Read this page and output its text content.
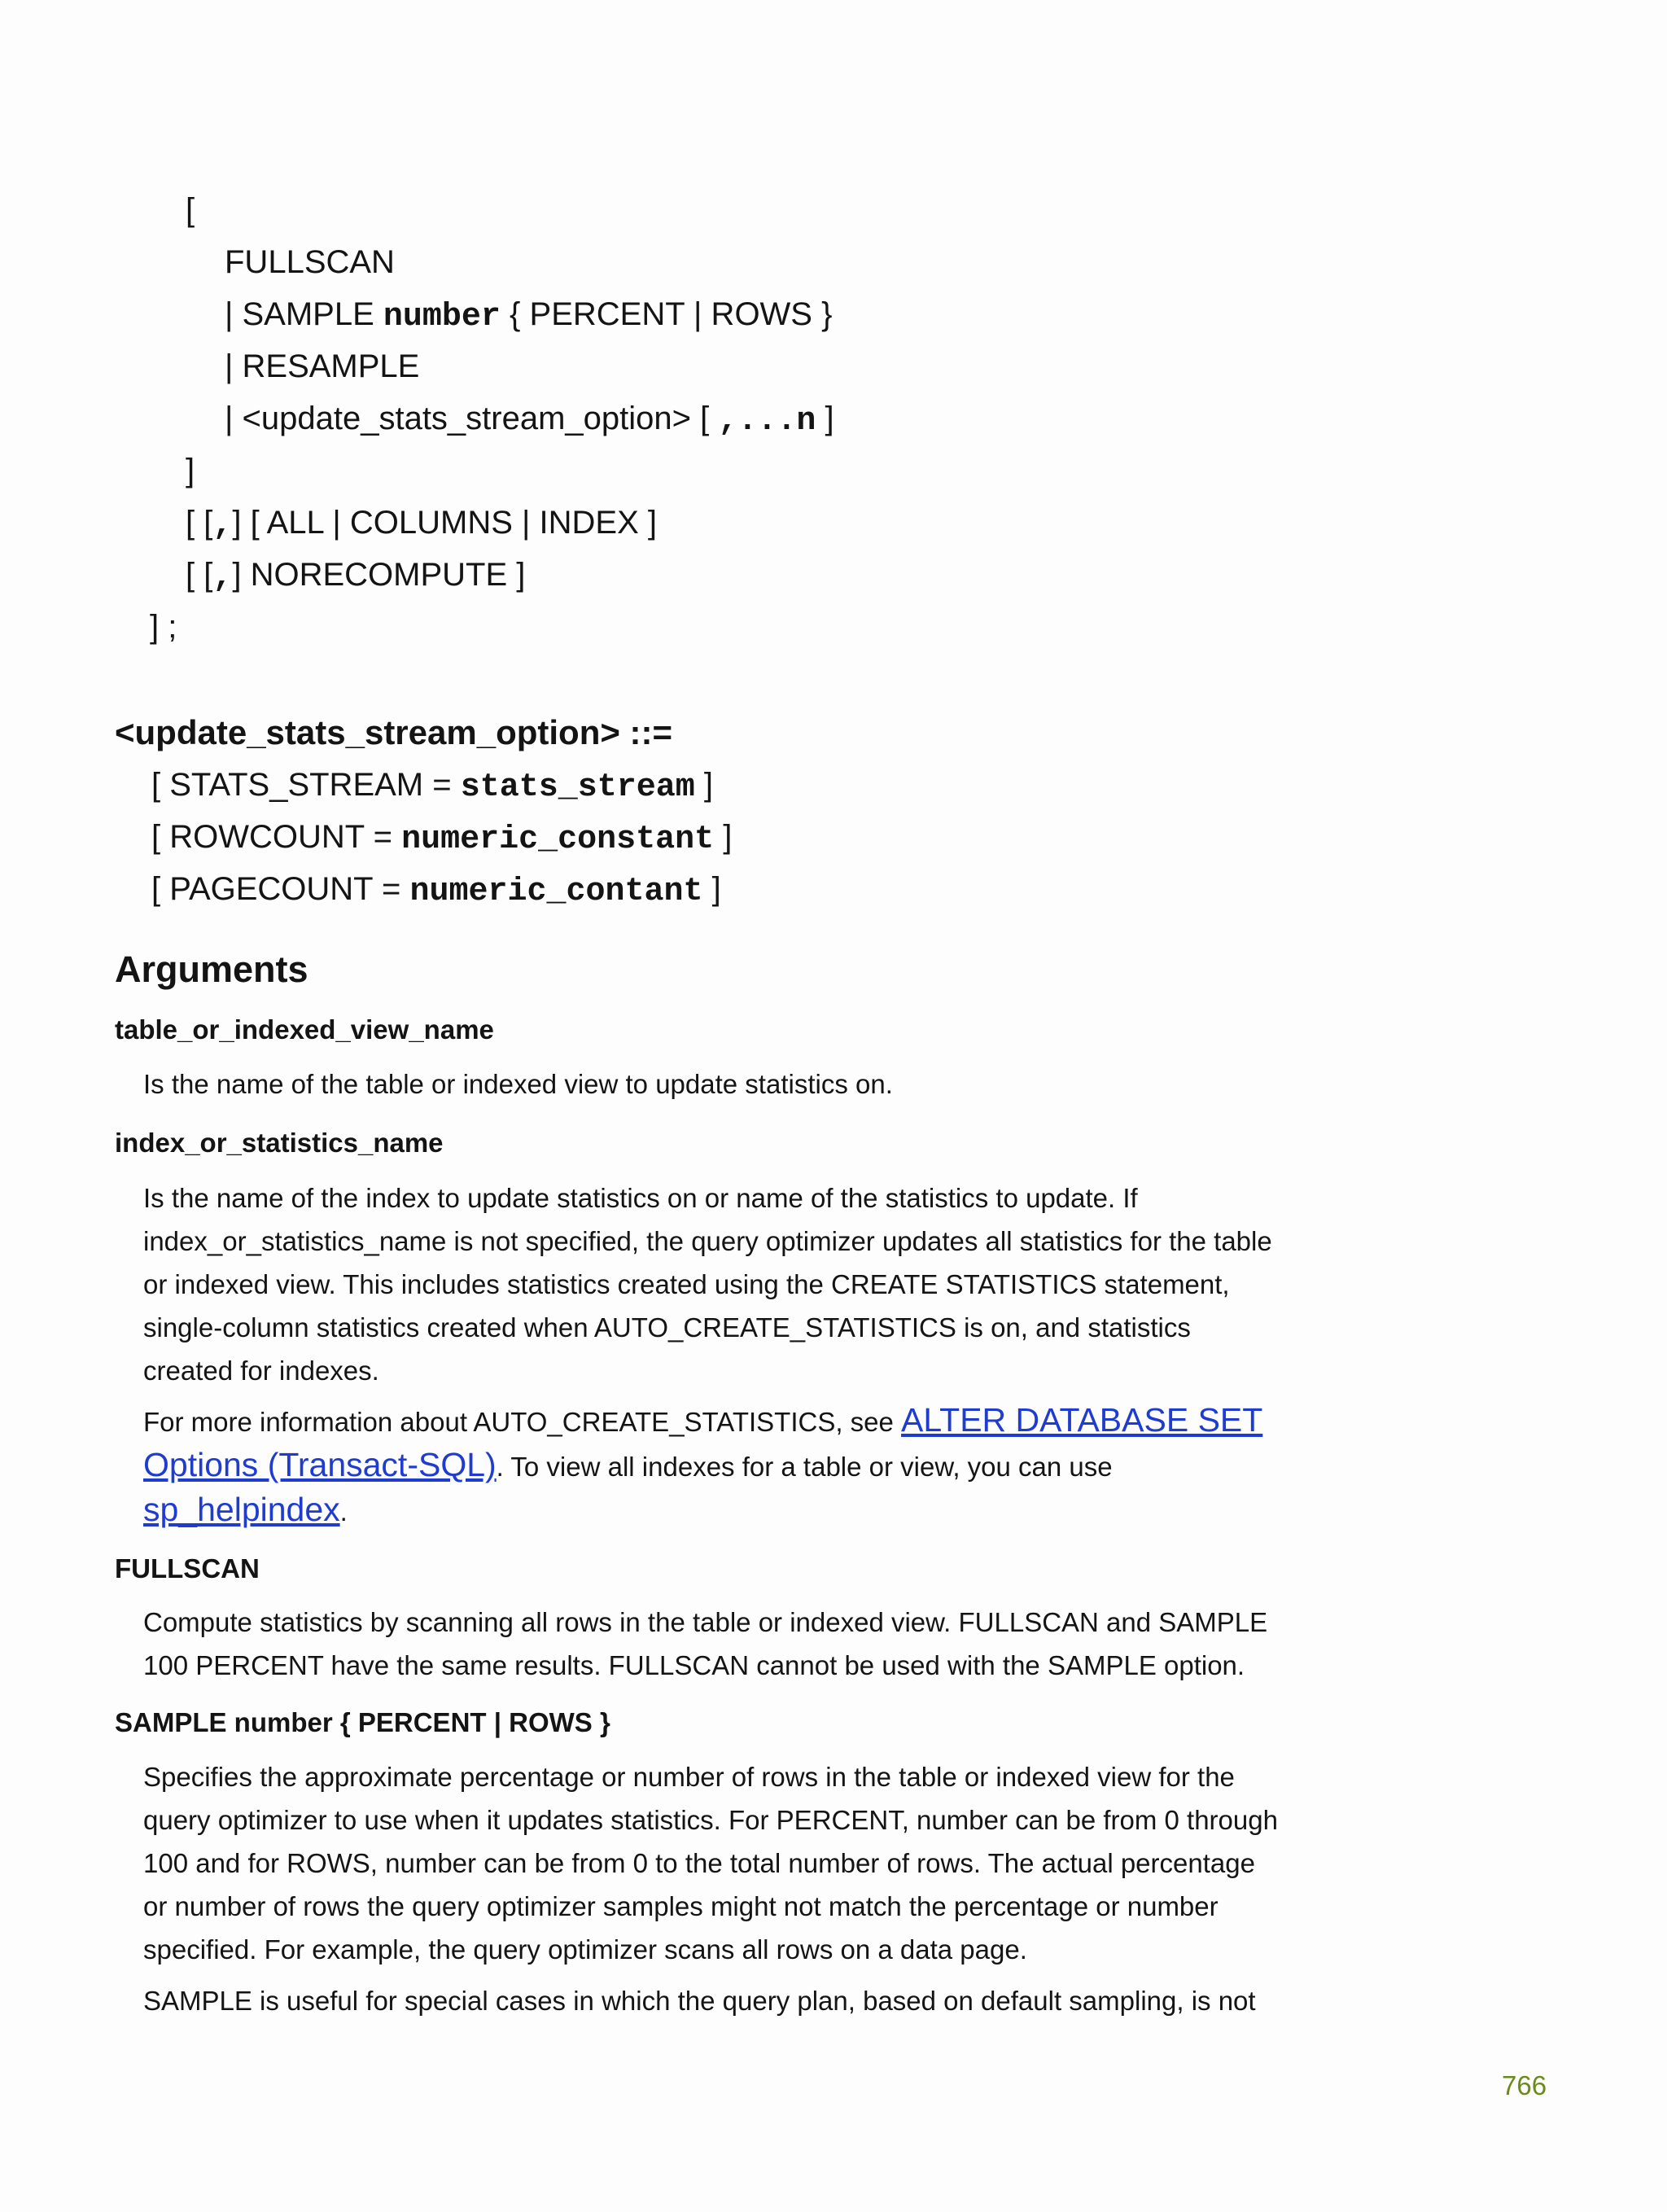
[
FULLSCAN
| SAMPLE number { PERCENT | ROWS }
| RESAMPLE
| <update_stats_stream_option> [ ,...n ]
]
[ [,] [ ALL | COLUMNS | INDEX ]
[ [,] NORECOMPUTE ]
] ;
<update_stats_stream_option> ::=
[ STATS_STREAM = stats_stream ]
[ ROWCOUNT = numeric_constant ]
[ PAGECOUNT = numeric_contant ]
Arguments
table_or_indexed_view_name

Is the name of the table or indexed view to update statistics on.

index_or_statistics_name

Is the name of the index to update statistics on or name of the statistics to update. If index_or_statistics_name is not specified, the query optimizer updates all statistics for the table or indexed view. This includes statistics created using the CREATE STATISTICS statement, single-column statistics created when AUTO_CREATE_STATISTICS is on, and statistics created for indexes.

For more information about AUTO_CREATE_STATISTICS, see ALTER DATABASE SET Options (Transact-SQL). To view all indexes for a table or view, you can use sp_helpindex.

FULLSCAN

Compute statistics by scanning all rows in the table or indexed view. FULLSCAN and SAMPLE 100 PERCENT have the same results. FULLSCAN cannot be used with the SAMPLE option.

SAMPLE number { PERCENT | ROWS }

Specifies the approximate percentage or number of rows in the table or indexed view for the query optimizer to use when it updates statistics. For PERCENT, number can be from 0 through 100 and for ROWS, number can be from 0 to the total number of rows. The actual percentage or number of rows the query optimizer samples might not match the percentage or number specified. For example, the query optimizer scans all rows on a data page.

SAMPLE is useful for special cases in which the query plan, based on default sampling, is not

766
